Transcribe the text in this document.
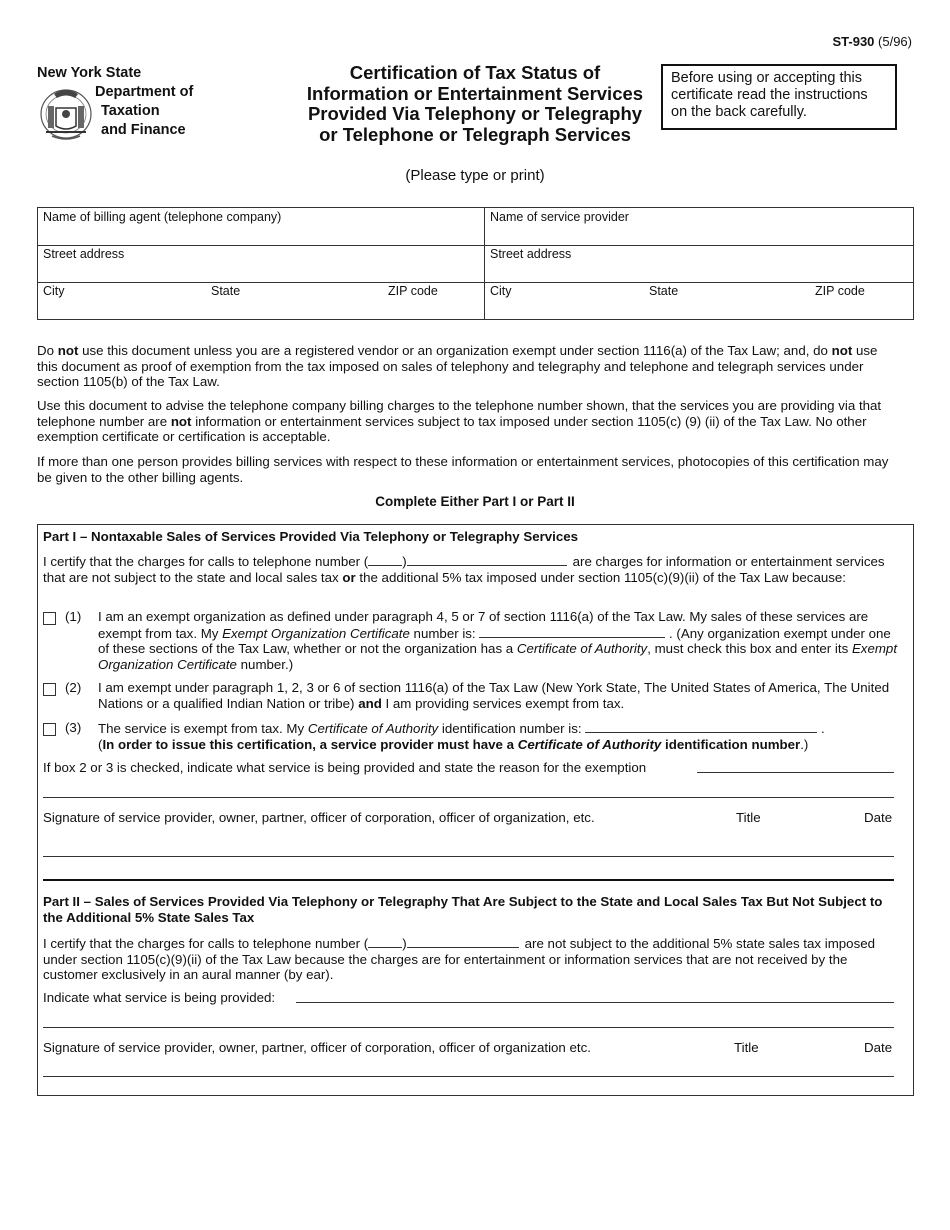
ST-930 (5/96)
New York State
Department of
Taxation
and Finance
Certification of Tax Status of
Information or Entertainment Services
Provided Via Telephony or Telegraphy
or Telephone or Telegraph Services
Before using or accepting this certificate read the instructions on the back carefully.
(Please type or print)
Name of billing agent (telephone company)	Name of service provider
Street address	Street address
City	State	ZIP code	City	State	ZIP code
Do not use this document unless you are a registered vendor or an organization exempt under section 1116(a) of the Tax Law; and, do not use this document as proof of exemption from the tax imposed on sales of telephony and telegraphy and telephone and telegraph services under section 1105(b) of the Tax Law.
Use this document to advise the telephone company billing charges to the telephone number shown, that the services you are providing via that telephone number are not information or entertainment services subject to tax imposed under section 1105(c) (9) (ii) of the Tax Law. No other exemption certificate or certification is acceptable.
If more than one person provides billing services with respect to these information or entertainment services, photocopies of this certification may be given to the other billing agents.
Complete Either Part I or Part II
Part I – Nontaxable Sales of Services Provided Via Telephony or Telegraphy Services
I certify that the charges for calls to telephone number (	)	are charges for information or entertainment services that are not subject to the state and local sales tax or the additional 5% tax imposed under section 1105(c)(9)(ii) of the Tax Law because:
(1) I am an exempt organization as defined under paragraph 4, 5 or 7 of section 1116(a) of the Tax Law. My sales of these services are exempt from tax. My Exempt Organization Certificate number is:	. (Any organization exempt under one of these sections of the Tax Law, whether or not the organization has a Certificate of Authority, must check this box and enter its Exempt Organization Certificate number.)
(2) I am exempt under paragraph 1, 2, 3 or 6 of section 1116(a) of the Tax Law (New York State, The United States of America, The United Nations or a qualified Indian Nation or tribe) and I am providing services exempt from tax.
(3) The service is exempt from tax. My Certificate of Authority identification number is:	.
(In order to issue this certification, a service provider must have a Certificate of Authority identification number.)
If box 2 or 3 is checked, indicate what service is being provided and state the reason for the exemption
Signature of service provider, owner, partner, officer of corporation, officer of organization, etc.	Title	Date
Part II – Sales of Services Provided Via Telephony or Telegraphy That Are Subject to the State and Local Sales Tax But Not Subject to the Additional 5% State Sales Tax
I certify that the charges for calls to telephone number (	)	are not subject to the additional 5% state sales tax imposed under section 1105(c)(9)(ii) of the Tax Law because the charges are for entertainment or information services that are not received by the customer exclusively in an aural manner (by ear).
Indicate what service is being provided:
Signature of service provider, owner, partner, officer of corporation, officer of organization etc.	Title	Date
